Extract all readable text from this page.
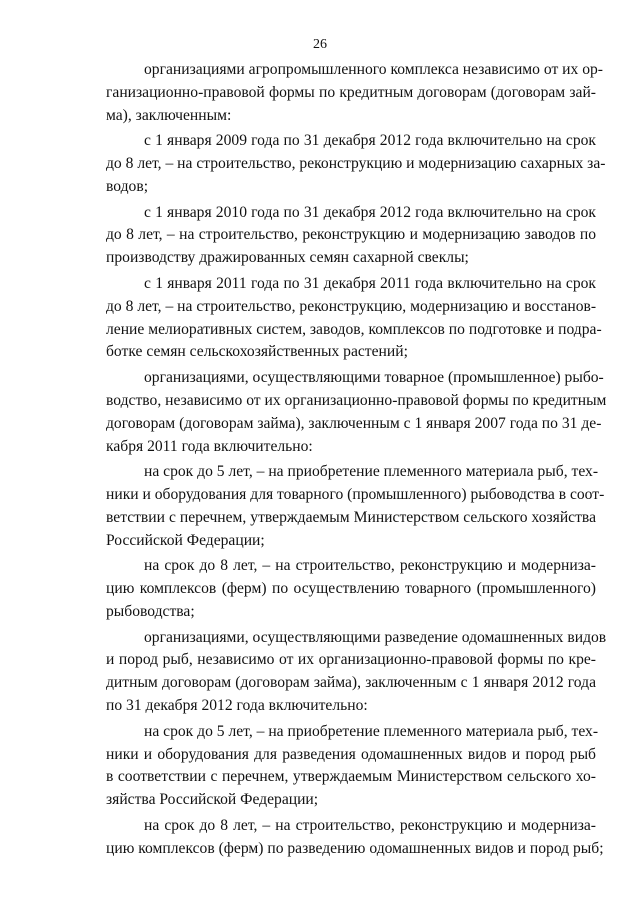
26
организациями агропромышленного комплекса независимо от их ор-
ганизационно-правовой формы по кредитным договорам (договорам зай-
ма), заключенным:
с 1 января 2009 года по 31 декабря 2012 года включительно на срок
до 8 лет, – на строительство, реконструкцию и модернизацию сахарных за-
водов;
с 1 января 2010 года по 31 декабря 2012 года включительно на срок
до 8 лет, – на строительство, реконструкцию и модернизацию заводов по
производству дражированных семян сахарной свеклы;
с 1 января 2011 года по 31 декабря 2011 года включительно на срок
до 8 лет, – на строительство, реконструкцию, модернизацию и восстанов-
ление мелиоративных систем, заводов, комплексов по подготовке и подра-
ботке семян сельскохозяйственных растений;
организациями, осуществляющими товарное (промышленное) рыбо-
водство, независимо от их организационно-правовой формы по кредитным
договорам (договорам займа), заключенным с 1 января 2007 года по 31 де-
кабря 2011 года включительно:
на срок до 5 лет, – на приобретение племенного материала рыб, тех-
ники и оборудования для товарного (промышленного) рыбоводства в соот-
ветствии с перечнем, утверждаемым Министерством сельского хозяйства
Российской Федерации;
на срок до 8 лет, – на строительство, реконструкцию и модерниза-
цию комплексов (ферм) по осуществлению товарного (промышленного)
рыбоводства;
организациями, осуществляющими разведение одомашненных видов
и пород рыб, независимо от их организационно-правовой формы по кре-
дитным договорам (договорам займа), заключенным с 1 января 2012 года
по 31 декабря 2012 года включительно:
на срок до 5 лет, – на приобретение племенного материала рыб, тех-
ники и оборудования для разведения одомашненных видов и пород рыб
в соответствии с перечнем, утверждаемым Министерством сельского хо-
зяйства Российской Федерации;
на срок до 8 лет, – на строительство, реконструкцию и модерниза-
цию комплексов (ферм) по разведению одомашненных видов и пород рыб;
